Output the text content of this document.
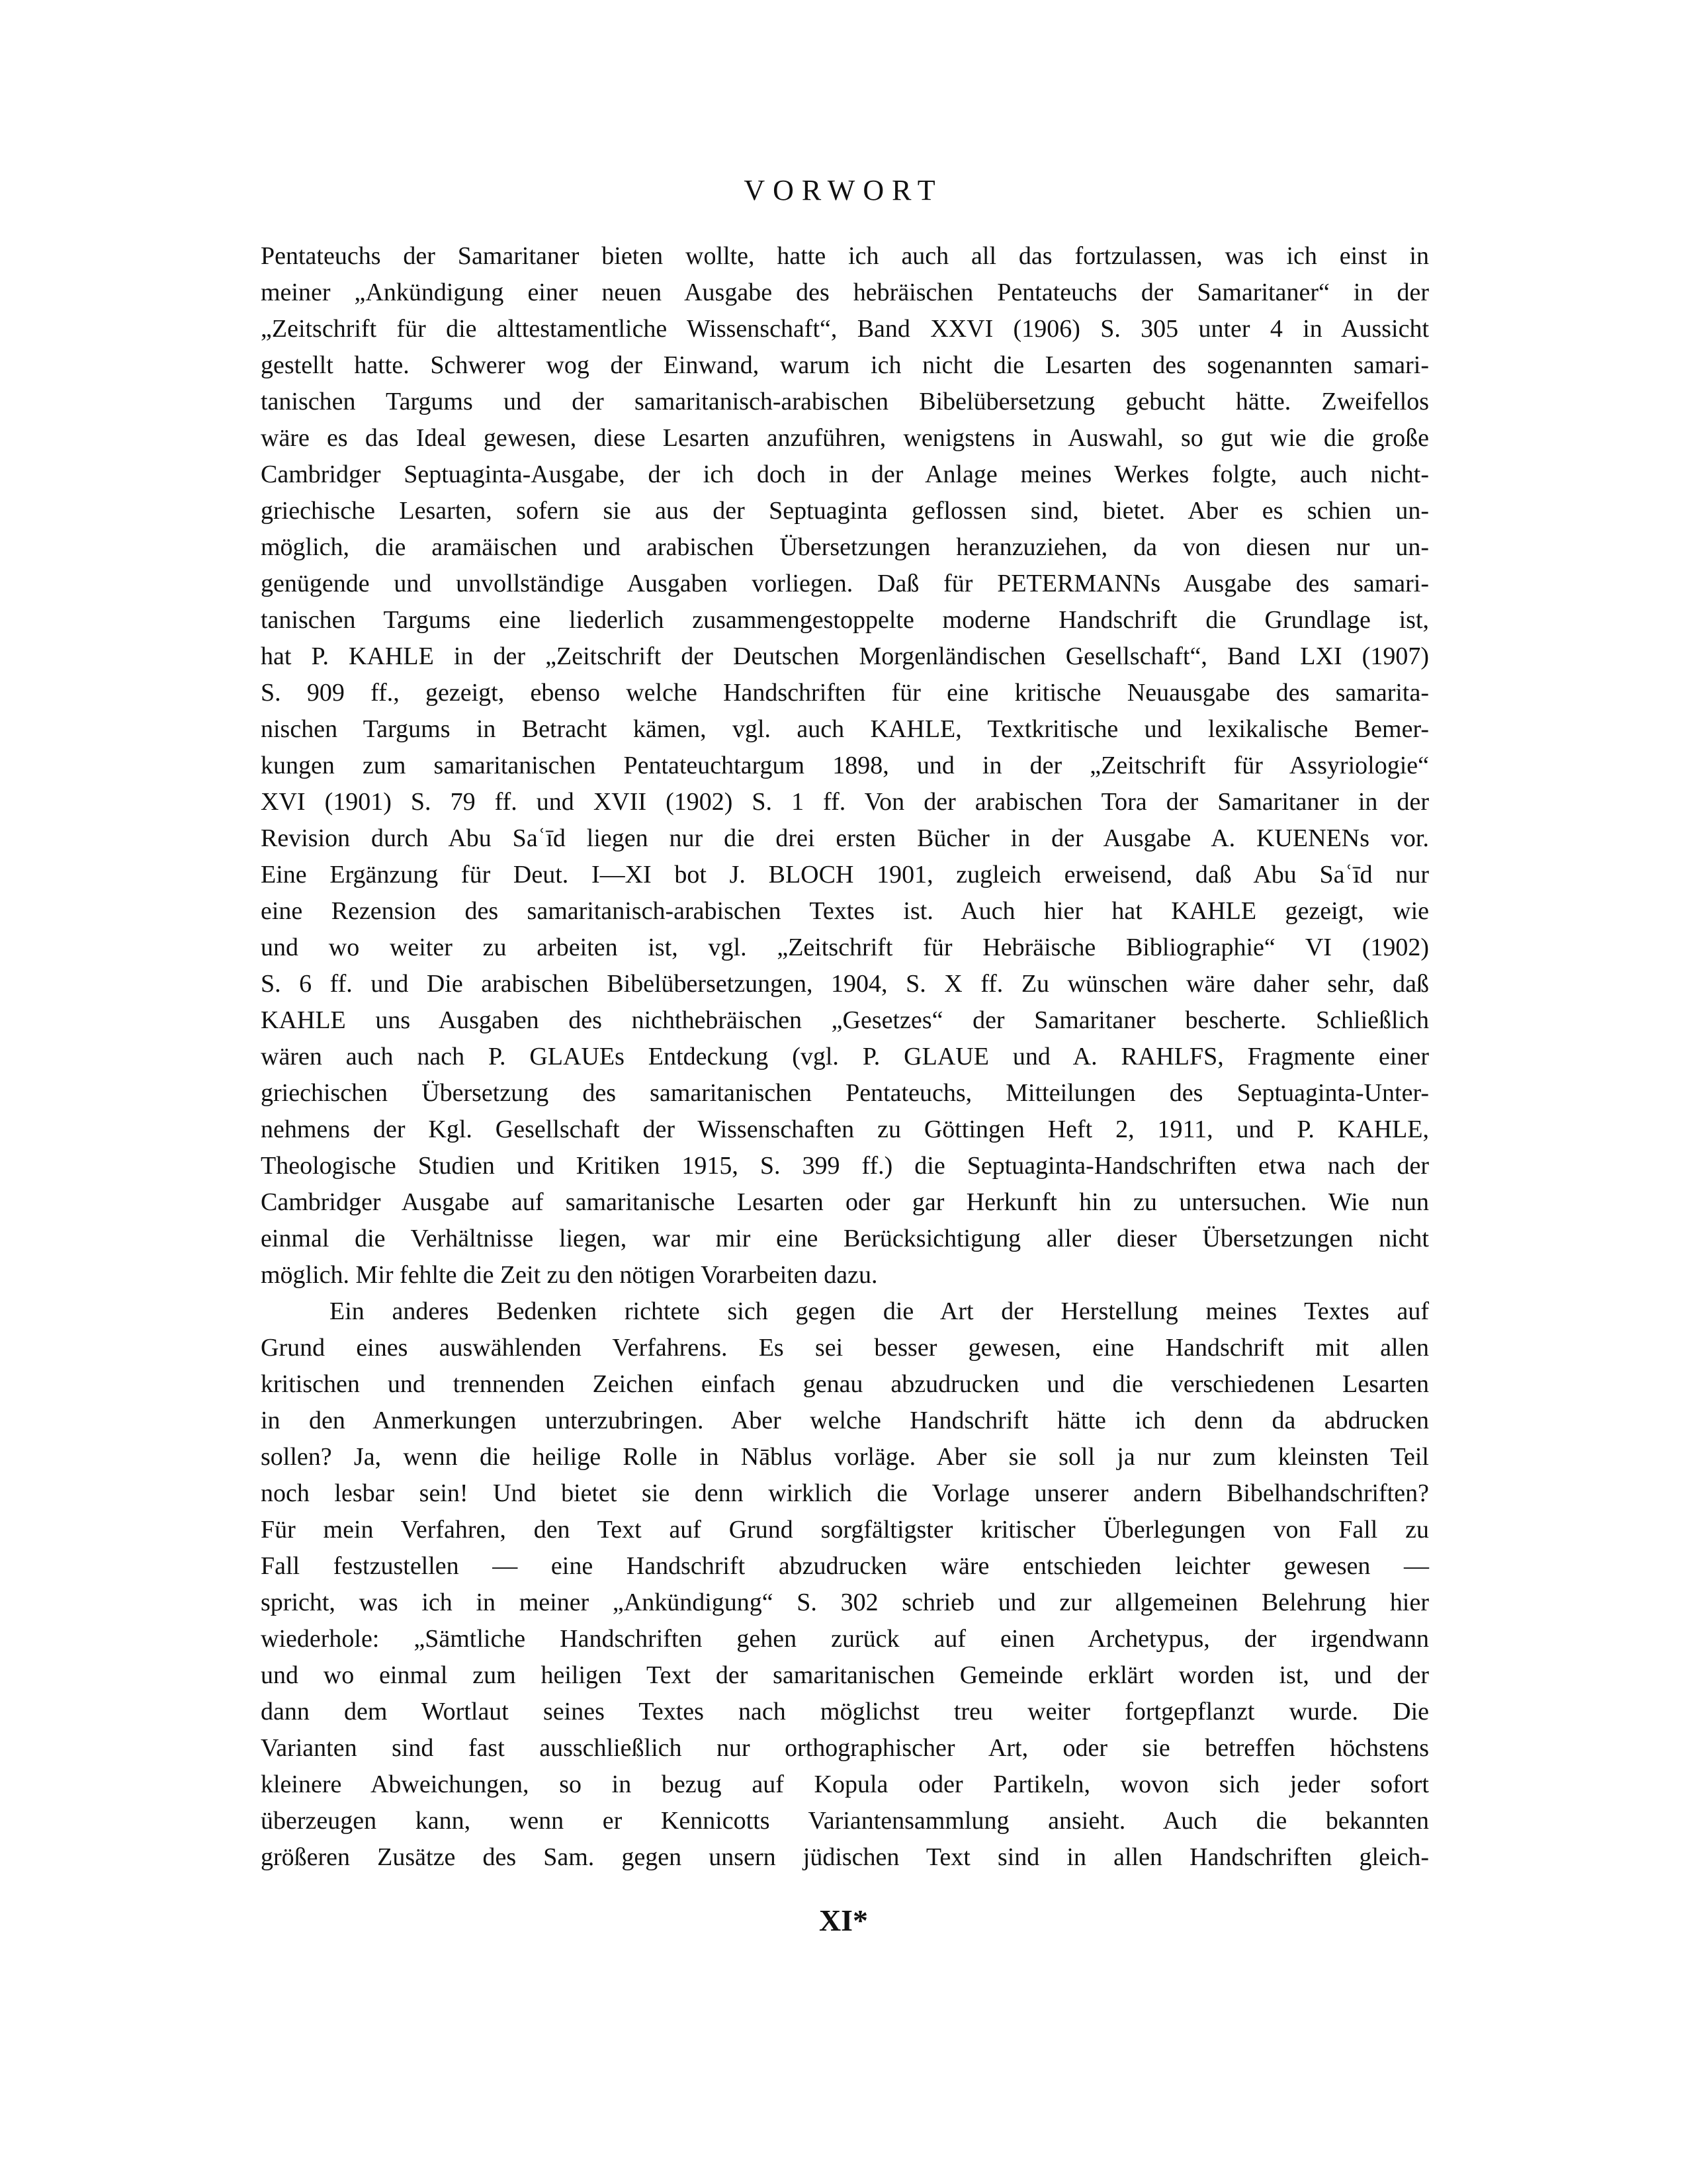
VORWORT
Pentateuchs der Samaritaner bieten wollte, hatte ich auch all das fortzulassen, was ich einst in
meiner „Ankündigung einer neuen Ausgabe des hebräischen Pentateuchs der Samaritaner“ in der
„Zeitschrift für die alttestamentliche Wissenschaft“, Band XXVI (1906) S. 305 unter 4 in Aussicht
gestellt hatte. Schwerer wog der Einwand, warum ich nicht die Lesarten des sogenannten samari-
tanischen Targums und der samaritanisch-arabischen Bibelübersetzung gebucht hätte. Zweifellos
wäre es das Ideal gewesen, diese Lesarten anzuführen, wenigstens in Auswahl, so gut wie die große
Cambridger Septuaginta-Ausgabe, der ich doch in der Anlage meines Werkes folgte, auch nicht-
griechische Lesarten, sofern sie aus der Septuaginta geflossen sind, bietet. Aber es schien un-
möglich, die aramäischen und arabischen Übersetzungen heranzuziehen, da von diesen nur un-
genügende und unvollständige Ausgaben vorliegen. Daß für PETERMANNs Ausgabe des samari-
tanischen Targums eine liederlich zusammengestoppelte moderne Handschrift die Grundlage ist,
hat P. KAHLE in der „Zeitschrift der Deutschen Morgenländischen Gesellschaft“, Band LXI (1907)
S. 909 ff., gezeigt, ebenso welche Handschriften für eine kritische Neuausgabe des samarita-
nischen Targums in Betracht kämen, vgl. auch KAHLE, Textkritische und lexikalische Bemer-
kungen zum samaritanischen Pentateuchtargum 1898, und in der „Zeitschrift für Assyriologie“
XVI (1901) S. 79 ff. und XVII (1902) S. 1 ff. Von der arabischen Tora der Samaritaner in der
Revision durch Abu Saʿīd liegen nur die drei ersten Bücher in der Ausgabe A. KUENENs vor.
Eine Ergänzung für Deut. I—XI bot J. BLOCH 1901, zugleich erweisend, daß Abu Saʿīd nur
eine Rezension des samaritanisch-arabischen Textes ist. Auch hier hat KAHLE gezeigt, wie
und wo weiter zu arbeiten ist, vgl. „Zeitschrift für Hebräische Bibliographie“ VI (1902)
S. 6 ff. und Die arabischen Bibelübersetzungen, 1904, S. X ff. Zu wünschen wäre daher sehr, daß
KAHLE uns Ausgaben des nichthebräischen „Gesetzes“ der Samaritaner bescherte. Schließlich
wären auch nach P. GLAUEs Entdeckung (vgl. P. GLAUE und A. RAHLFS, Fragmente einer
griechischen Übersetzung des samaritanischen Pentateuchs, Mitteilungen des Septuaginta-Unter-
nehmens der Kgl. Gesellschaft der Wissenschaften zu Göttingen Heft 2, 1911, und P. KAHLE,
Theologische Studien und Kritiken 1915, S. 399 ff.) die Septuaginta-Handschriften etwa nach der
Cambridger Ausgabe auf samaritanische Lesarten oder gar Herkunft hin zu untersuchen. Wie nun
einmal die Verhältnisse liegen, war mir eine Berücksichtigung aller dieser Übersetzungen nicht
möglich. Mir fehlte die Zeit zu den nötigen Vorarbeiten dazu.
Ein anderes Bedenken richtete sich gegen die Art der Herstellung meines Textes auf
Grund eines auswählenden Verfahrens. Es sei besser gewesen, eine Handschrift mit allen
kritischen und trennenden Zeichen einfach genau abzudrucken und die verschiedenen Lesarten
in den Anmerkungen unterzubringen. Aber welche Handschrift hätte ich denn da abdrucken
sollen? Ja, wenn die heilige Rolle in Nāblus vorläge. Aber sie soll ja nur zum kleinsten Teil
noch lesbar sein! Und bietet sie denn wirklich die Vorlage unserer andern Bibelhandschriften?
Für mein Verfahren, den Text auf Grund sorgfältigster kritischer Überlegungen von Fall zu
Fall festzustellen — eine Handschrift abzudrucken wäre entschieden leichter gewesen —
spricht, was ich in meiner „Ankündigung“ S. 302 schrieb und zur allgemeinen Belehrung hier
wiederhole: „Sämtliche Handschriften gehen zurück auf einen Archetypus, der irgendwann
und wo einmal zum heiligen Text der samaritanischen Gemeinde erklärt worden ist, und der
dann dem Wortlaut seines Textes nach möglichst treu weiter fortgepflanzt wurde. Die
Varianten sind fast ausschließlich nur orthographischer Art, oder sie betreffen höchstens
kleinere Abweichungen, so in bezug auf Kopula oder Partikeln, wovon sich jeder sofort
überzeugen kann, wenn er Kennicotts Variantensammlung ansieht. Auch die bekannten
größeren Zusätze des Sam. gegen unsern jüdischen Text sind in allen Handschriften gleich-
XI*
